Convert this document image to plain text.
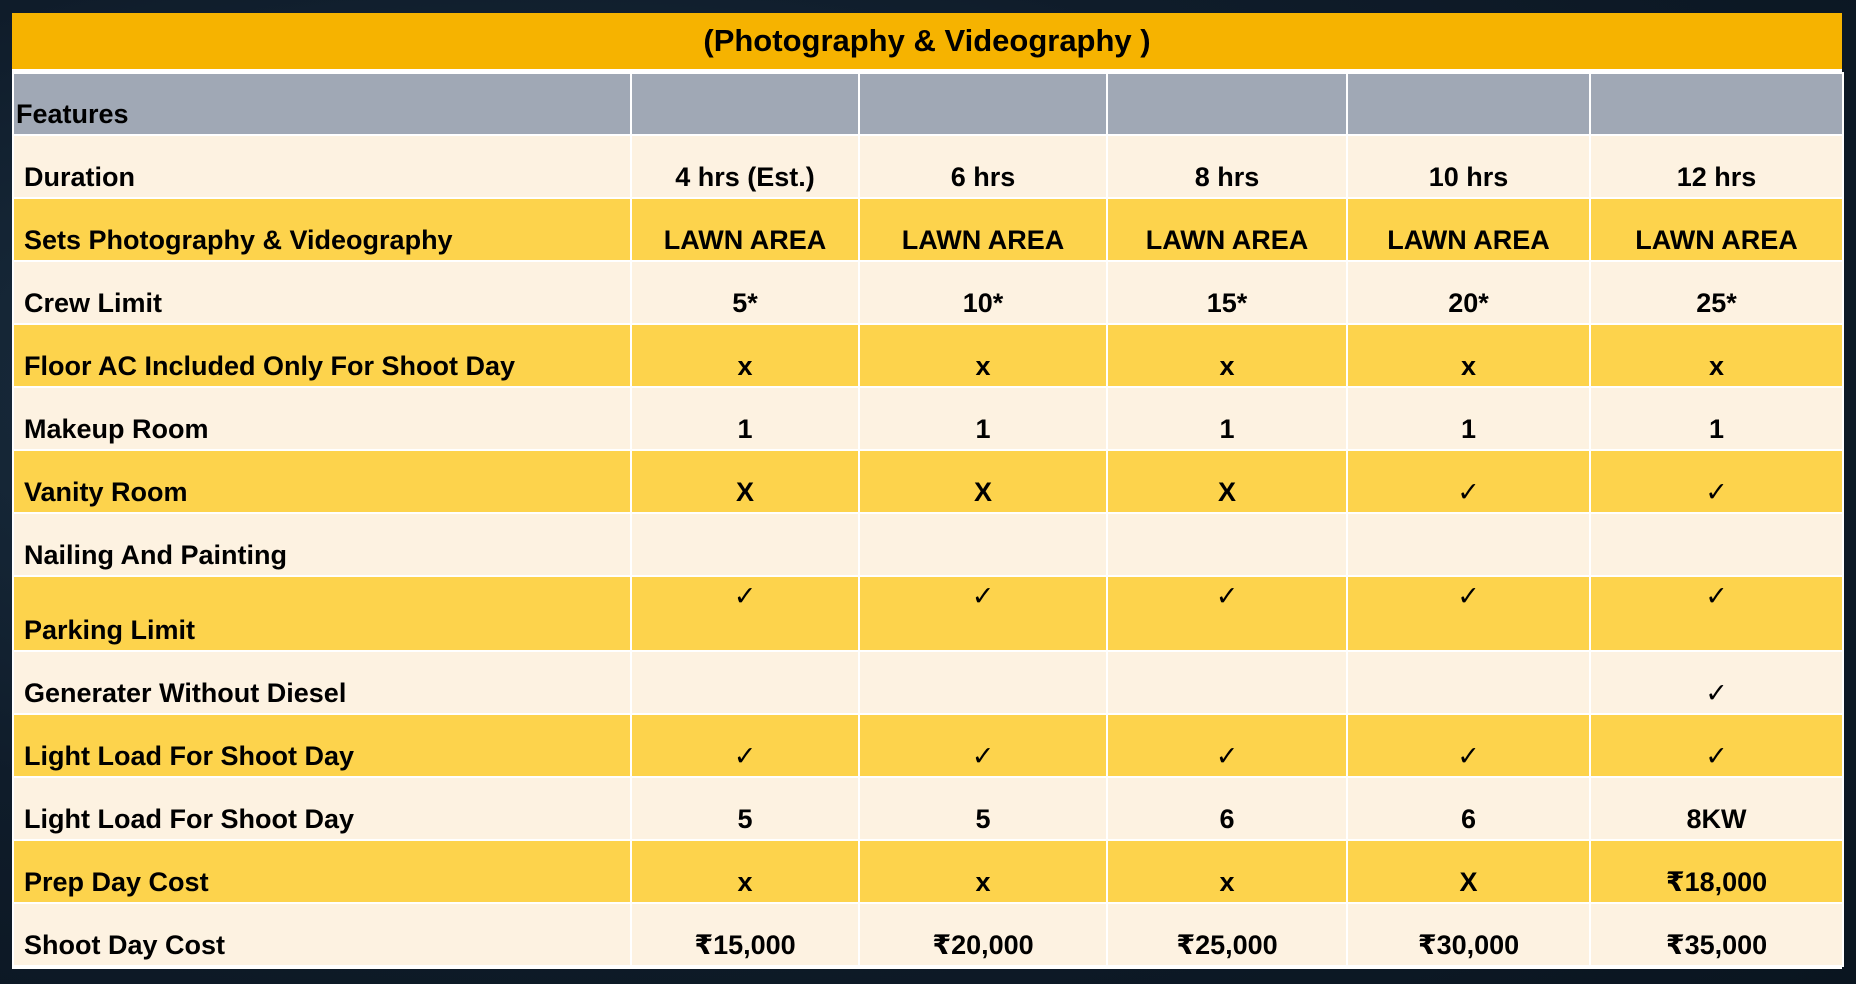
(Photography & Videography )
Features					
Duration	4 hrs (Est.)	6 hrs	8 hrs	10 hrs	12 hrs
Sets Photography & Videography	LAWN AREA	LAWN AREA	LAWN AREA	LAWN AREA	LAWN AREA
Crew Limit	5*	10*	15*	20*	25*
Floor AC Included Only For Shoot Day	x	x	x	x	x
Makeup Room	1	1	1	1	1
Vanity Room	X	X	X	✓	✓
Nailing And Painting					
Parking Limit	✓	✓	✓	✓	✓
Generater Without Diesel					✓
Light Load For Shoot Day	✓	✓	✓	✓	✓
Light Load For Shoot Day	5	5	6	6	8KW
Prep Day Cost	x	x	x	X	₹18,000
Shoot Day Cost	₹15,000	₹20,000	₹25,000	₹30,000	₹35,000
